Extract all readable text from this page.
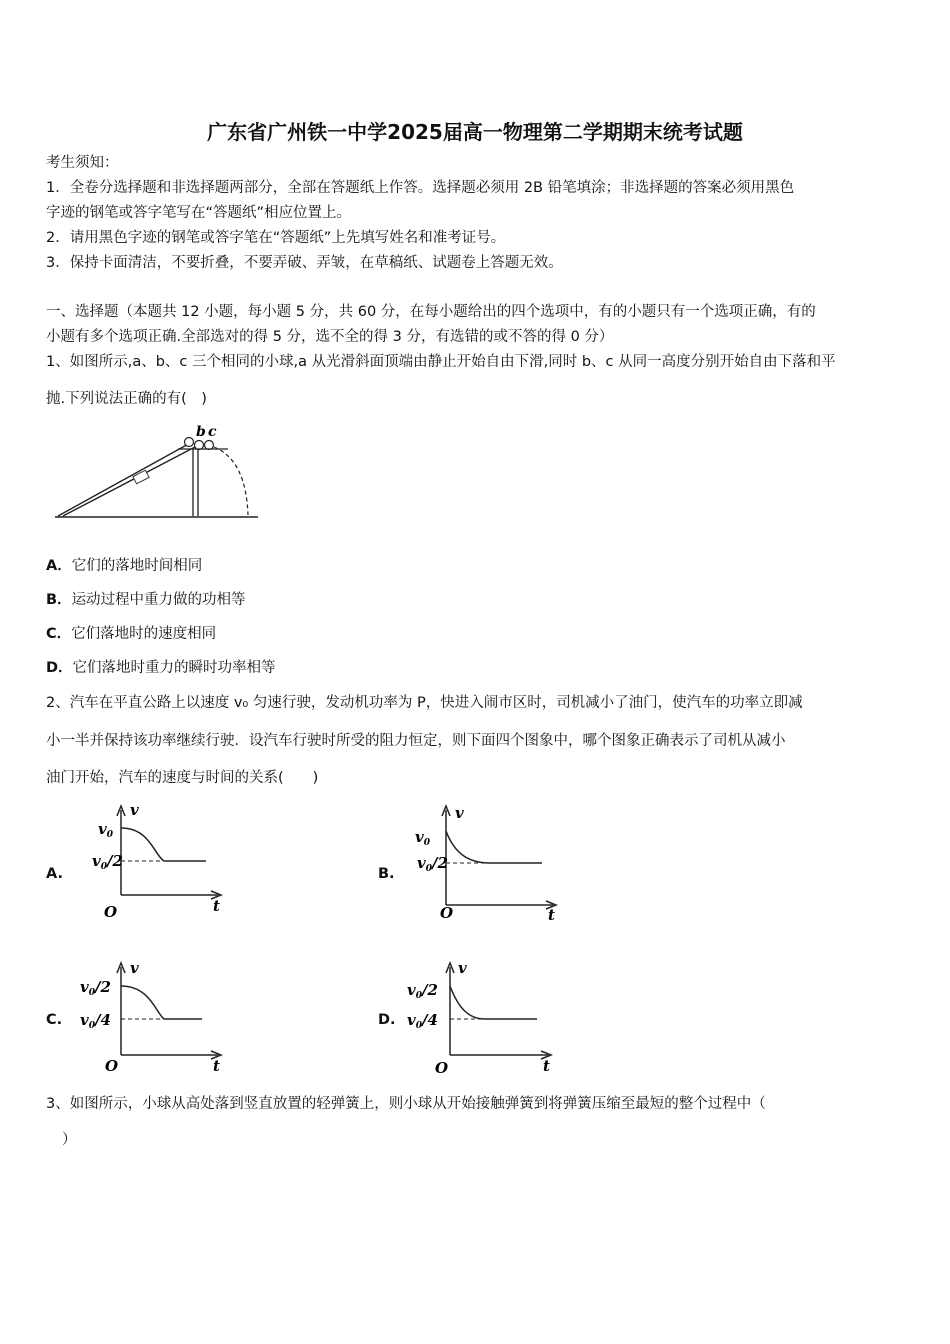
广东省广州铁一中学2025届高一物理第二学期期末统考试题
考生须知：
1．全卷分选择题和非选择题两部分，全部在答题纸上作答。选择题必须用 2B 铅笔填涂；非选择题的答案必须用黑色
字迹的钢笔或答字笔写在“答题纸”相应位置上。
2．请用黑色字迹的钢笔或答字笔在“答题纸”上先填写姓名和准考证号。
3．保持卡面清洁，不要折叠，不要弄破、弄皱，在草稿纸、试题卷上答题无效。
一、选择题（本题共 12 小题，每小题 5 分，共 60 分，在每小题给出的四个选项中，有的小题只有一个选项正确，有的
小题有多个选项正确.全部选对的得 5 分，选不全的得 3 分，有选错的或不答的得 0 分）
1、如图所示,a、b、c 三个相同的小球,a 从光滑斜面顶端由静止开始自由下滑,同时 b、c 从同一高度分别开始自由下落和平
抛.下列说法正确的有(　)
b c
A．它们的落地时间相同
B．运动过程中重力做的功相等
C．它们落地时的速度相同
D．它们落地时重力的瞬时功率相等
2、汽车在平直公路上以速度 v₀ 匀速行驶，发动机功率为 P，快进入闹市区时，司机减小了油门，使汽车的功率立即减
小一半并保持该功率继续行驶．设汽车行驶时所受的阻力恒定，则下面四个图象中，哪个图象正确表示了司机从减小
油门开始，汽车的速度与时间的关系(　　)
A.	B.
C.	D.
v
t
O
$v_0$
$v_0/2$
v
t
O
$v_0$
$v_0/2$
v
t
O
$v_0/2$
$v_0/4$
v
t
O
$v_0/2$
$v_0/4$
3、如图所示，小球从高处落到竖直放置的轻弹簧上，则小球从开始接触弹簧到将弹簧压缩至最短的整个过程中（
）
